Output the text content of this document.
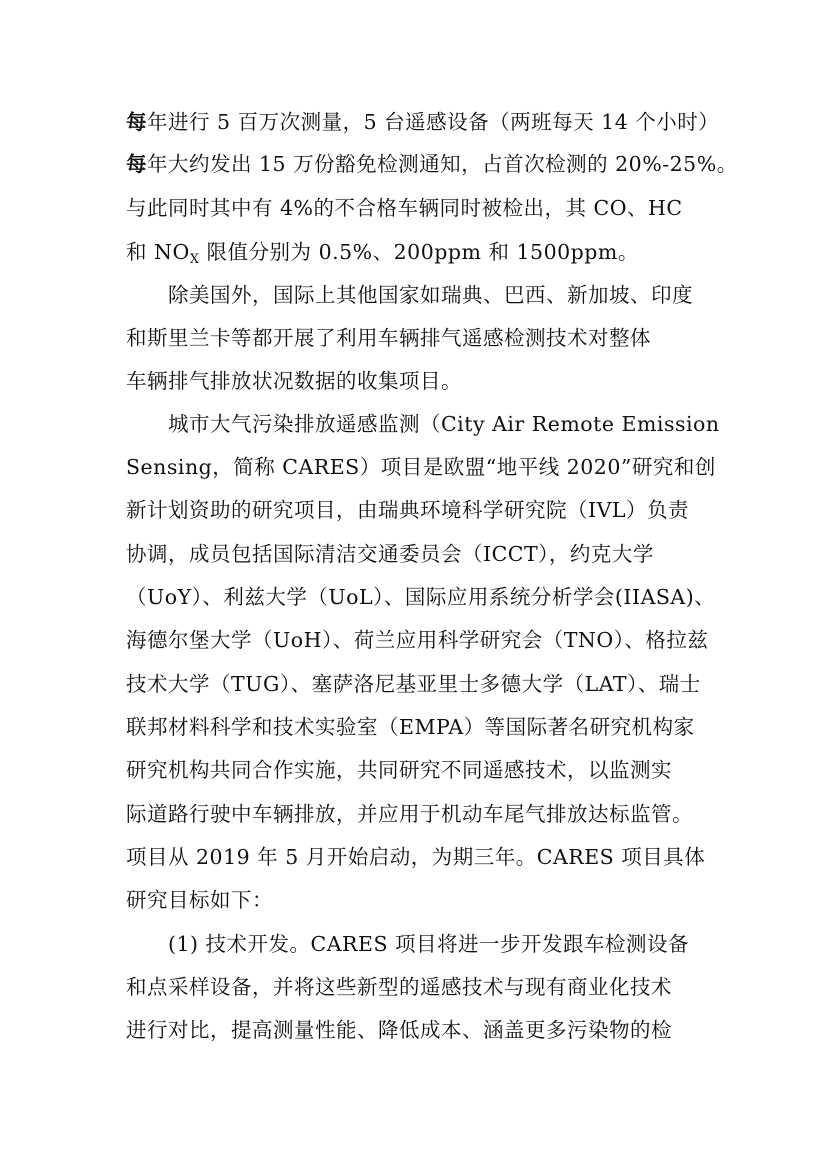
每年进行 5 百万次测量，5 台遥感设备（两班每天 14 个小时）
每年大约发出 15 万份豁免检测通知，占首次检测的 20%-25%。
与此同时其中有 4%的不合格车辆同时被检出，其 CO、HC
和 $NO_X$ 限值分别为 0.5%、200ppm 和 1500ppm。
除美国外，国际上其他国家如瑞典、巴西、新加坡、印度
和斯里兰卡等都开展了利用车辆排气遥感检测技术对整体
车辆排气排放状况数据的收集项目。
城市大气污染排放遥感监测（City Air Remote Emission
Sensing，简称 CARES）项目是欧盟“地平线 2020”研究和创
新计划资助的研究项目，由瑞典环境科学研究院（IVL）负责
协调，成员包括国际清洁交通委员会（ICCT），约克大学
（UoY）、利兹大学（UoL）、国际应用系统分析学会(IIASA)、
海德尔堡大学（UoH）、荷兰应用科学研究会（TNO）、格拉兹
技术大学（TUG）、塞萨洛尼基亚里士多德大学（LAT）、瑞士
联邦材料科学和技术实验室（EMPA）等国际著名研究机构家
研究机构共同合作实施，共同研究不同遥感技术，以监测实
际道路行驶中车辆排放，并应用于机动车尾气排放达标监管。
项目从 2019 年 5 月开始启动，为期三年。CARES 项目具体
研究目标如下：
(1) 技术开发。CARES 项目将进一步开发跟车检测设备
和点采样设备，并将这些新型的遥感技术与现有商业化技术
进行对比，提高测量性能、降低成本、涵盖更多污染物的检
